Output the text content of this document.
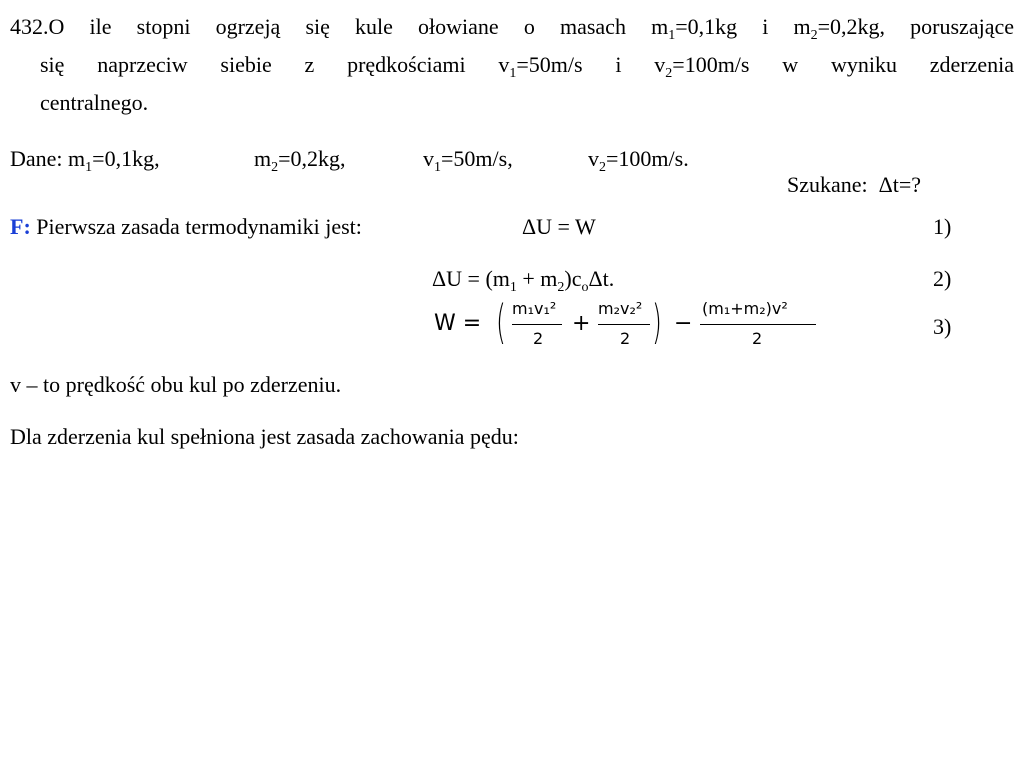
432.O ile stopni ogrzeją się kule ołowiane o masach $m_1=0,1kg$ i $m_2=0,2kg$, poruszające
się naprzeciw siebie z prędkościami $v_1=50m/s$ i $v_2=100m/s$ w wyniku zderzenia
centralnego.
Dane: $m_1=0,1kg$,	$m_2=0,2kg$,	$v_1=50m/s$,	$v_2=100m/s$.

Szukane:  Δt=?

F: Pierwsza zasada termodynamiki jest:	ΔU = W	1)
$\Delta U = (m_1 + m_2)c_o\Delta t$.	2)
W = ( m₁v₁²
2
+
m₂v₂²
2 ) −
(m₁+m₂)v²
2	3)
v – to prędkość obu kul po zderzeniu.
Dla zderzenia kul spełniona jest zasada zachowania pędu:
